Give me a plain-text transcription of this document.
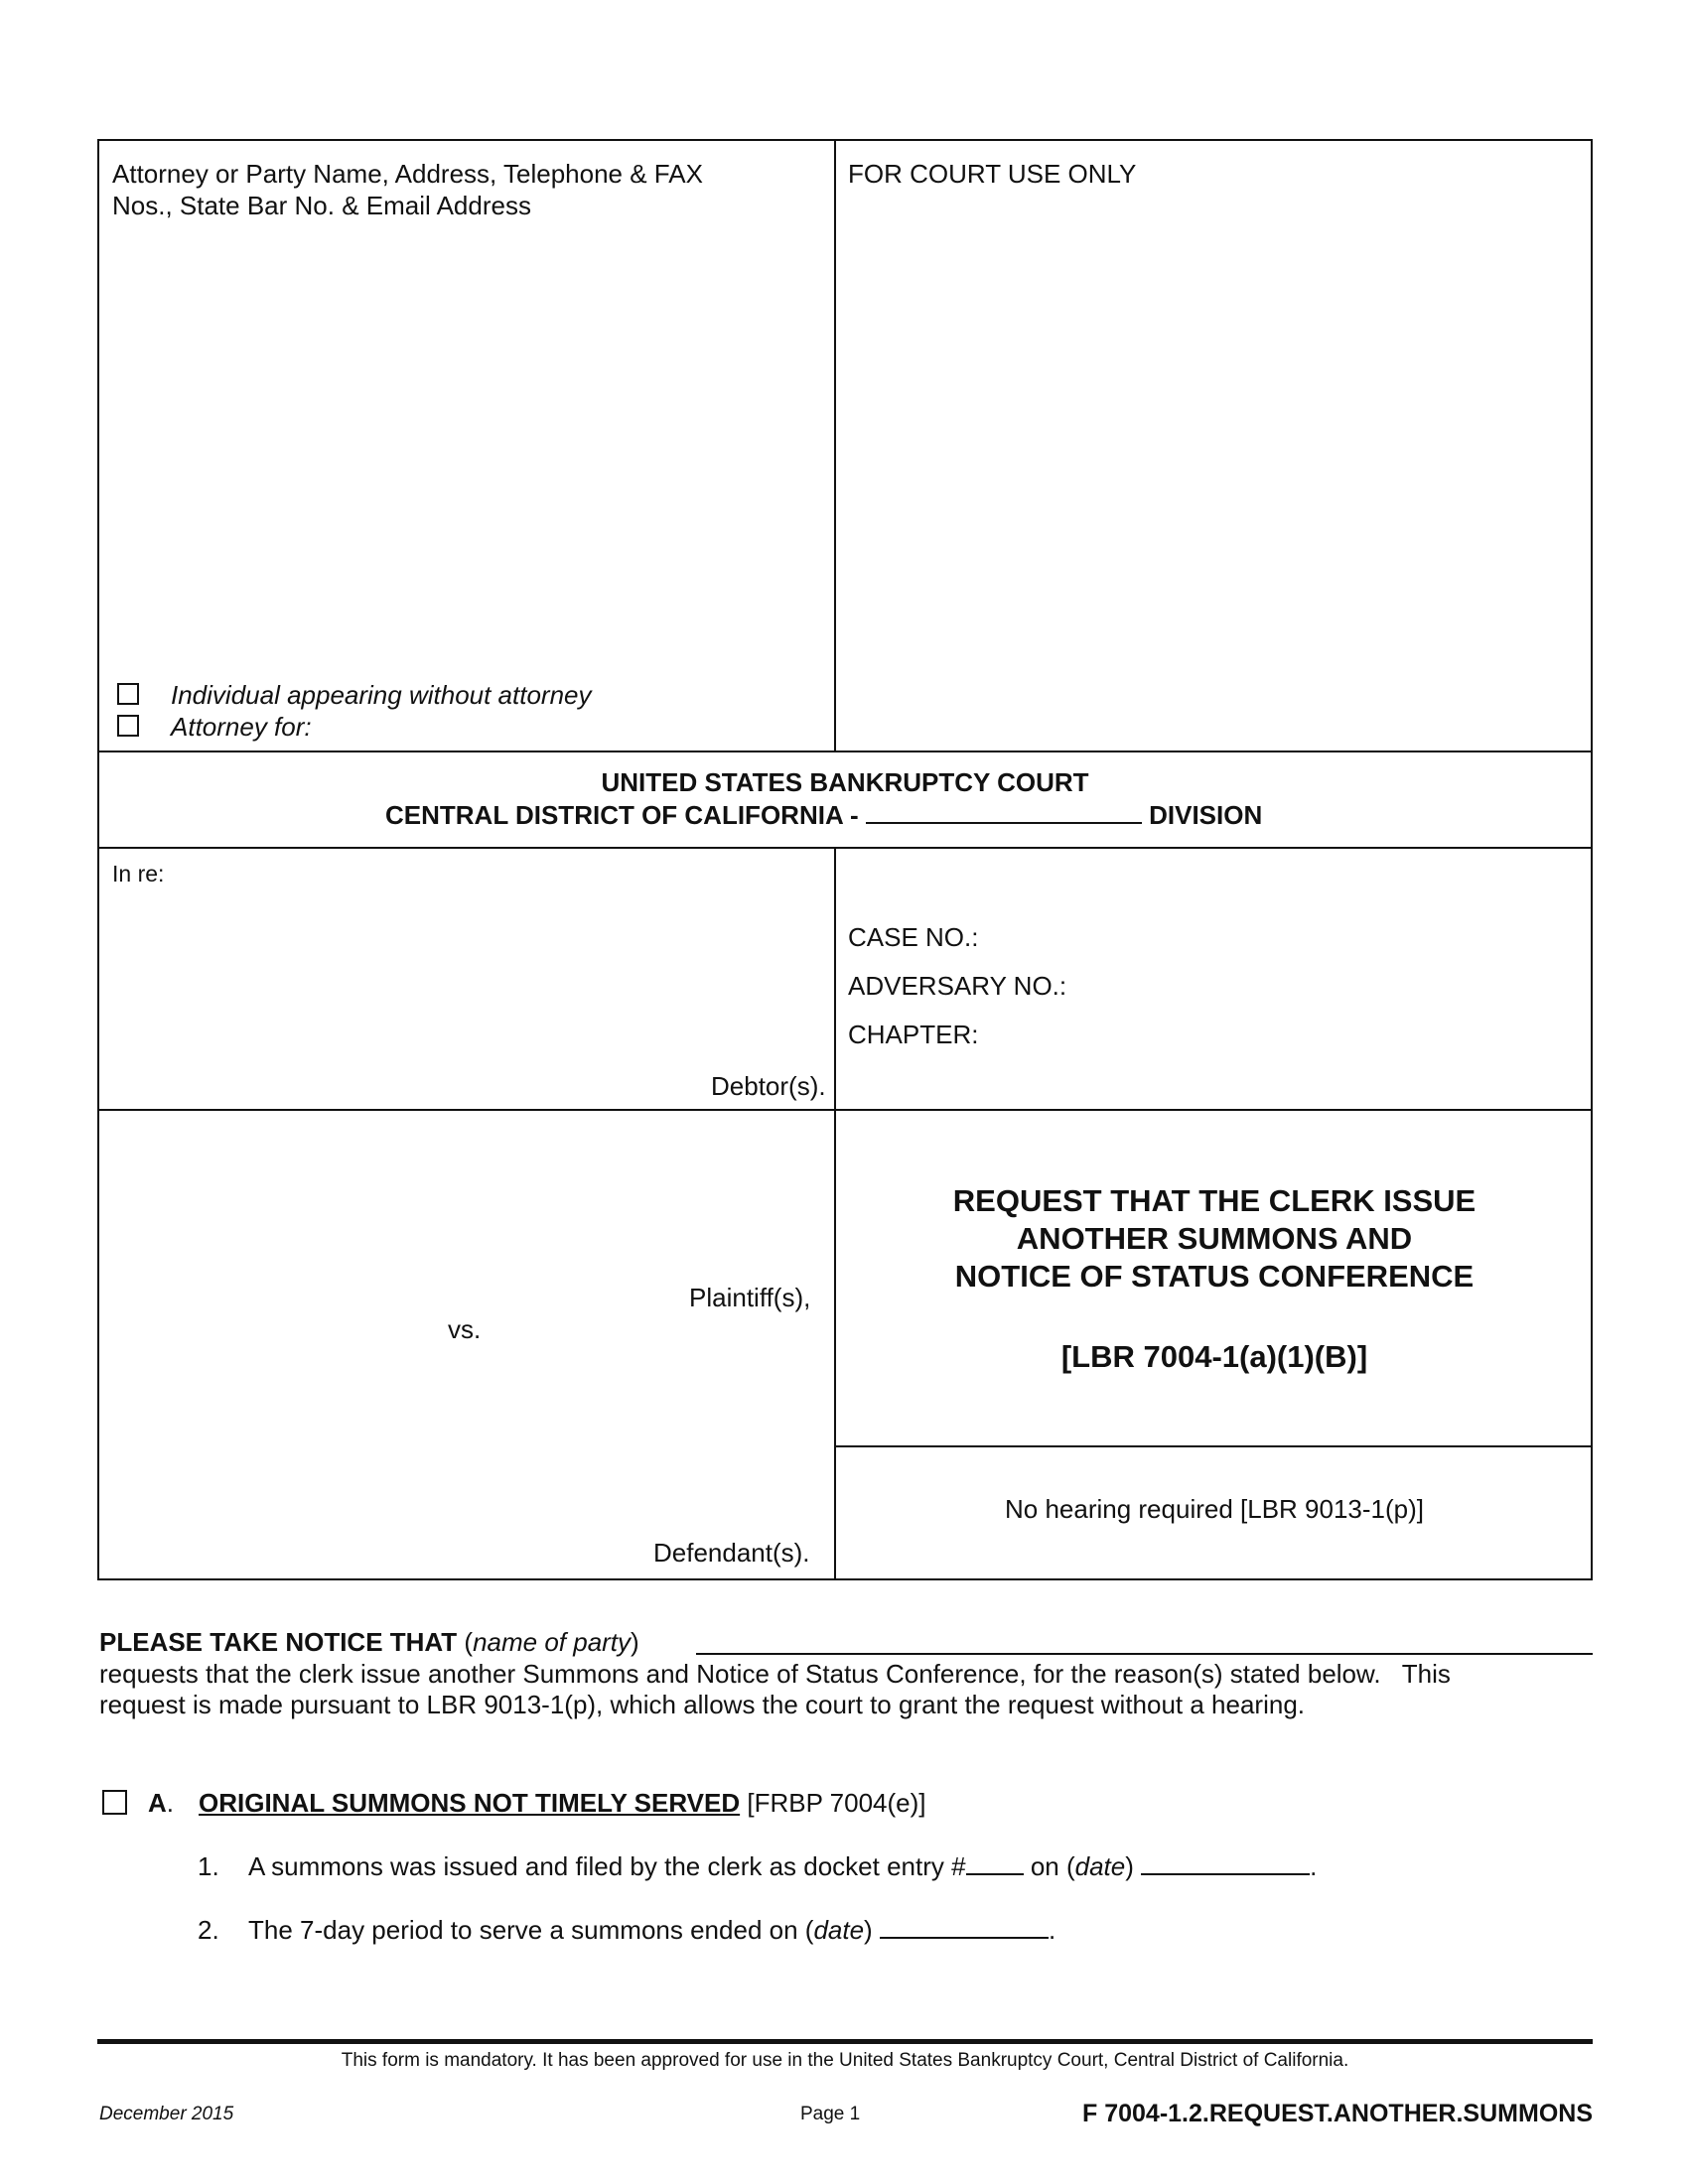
Attorney or Party Name, Address, Telephone & FAX
Nos., State Bar No. & Email Address
FOR COURT USE ONLY
Individual appearing without attorney
Attorney for:
UNITED STATES BANKRUPTCY COURT
CENTRAL DISTRICT OF CALIFORNIA -	DIVISION
In re:
Debtor(s).
CASE NO.:
ADVERSARY NO.:
CHAPTER:
Plaintiff(s),
vs.
Defendant(s).
REQUEST THAT THE CLERK ISSUE
ANOTHER SUMMONS AND
NOTICE OF STATUS CONFERENCE
[LBR 7004-1(a)(1)(B)]
No hearing required [LBR 9013-1(p)]
PLEASE TAKE NOTICE THAT (name of party)
requests that the clerk issue another Summons and Notice of Status Conference, for the reason(s) stated below.   This
request is made pursuant to LBR 9013-1(p), which allows the court to grant the request without a hearing.
A. ORIGINAL SUMMONS NOT TIMELY SERVED [FRBP 7004(e)]
1. A summons was issued and filed by the clerk as docket entry #	on (date)	.
2. The 7-day period to serve a summons ended on (date)	.
This form is mandatory. It has been approved for use in the United States Bankruptcy Court, Central District of California.
December 2015	Page 1	F 7004-1.2.REQUEST.ANOTHER.SUMMONS
